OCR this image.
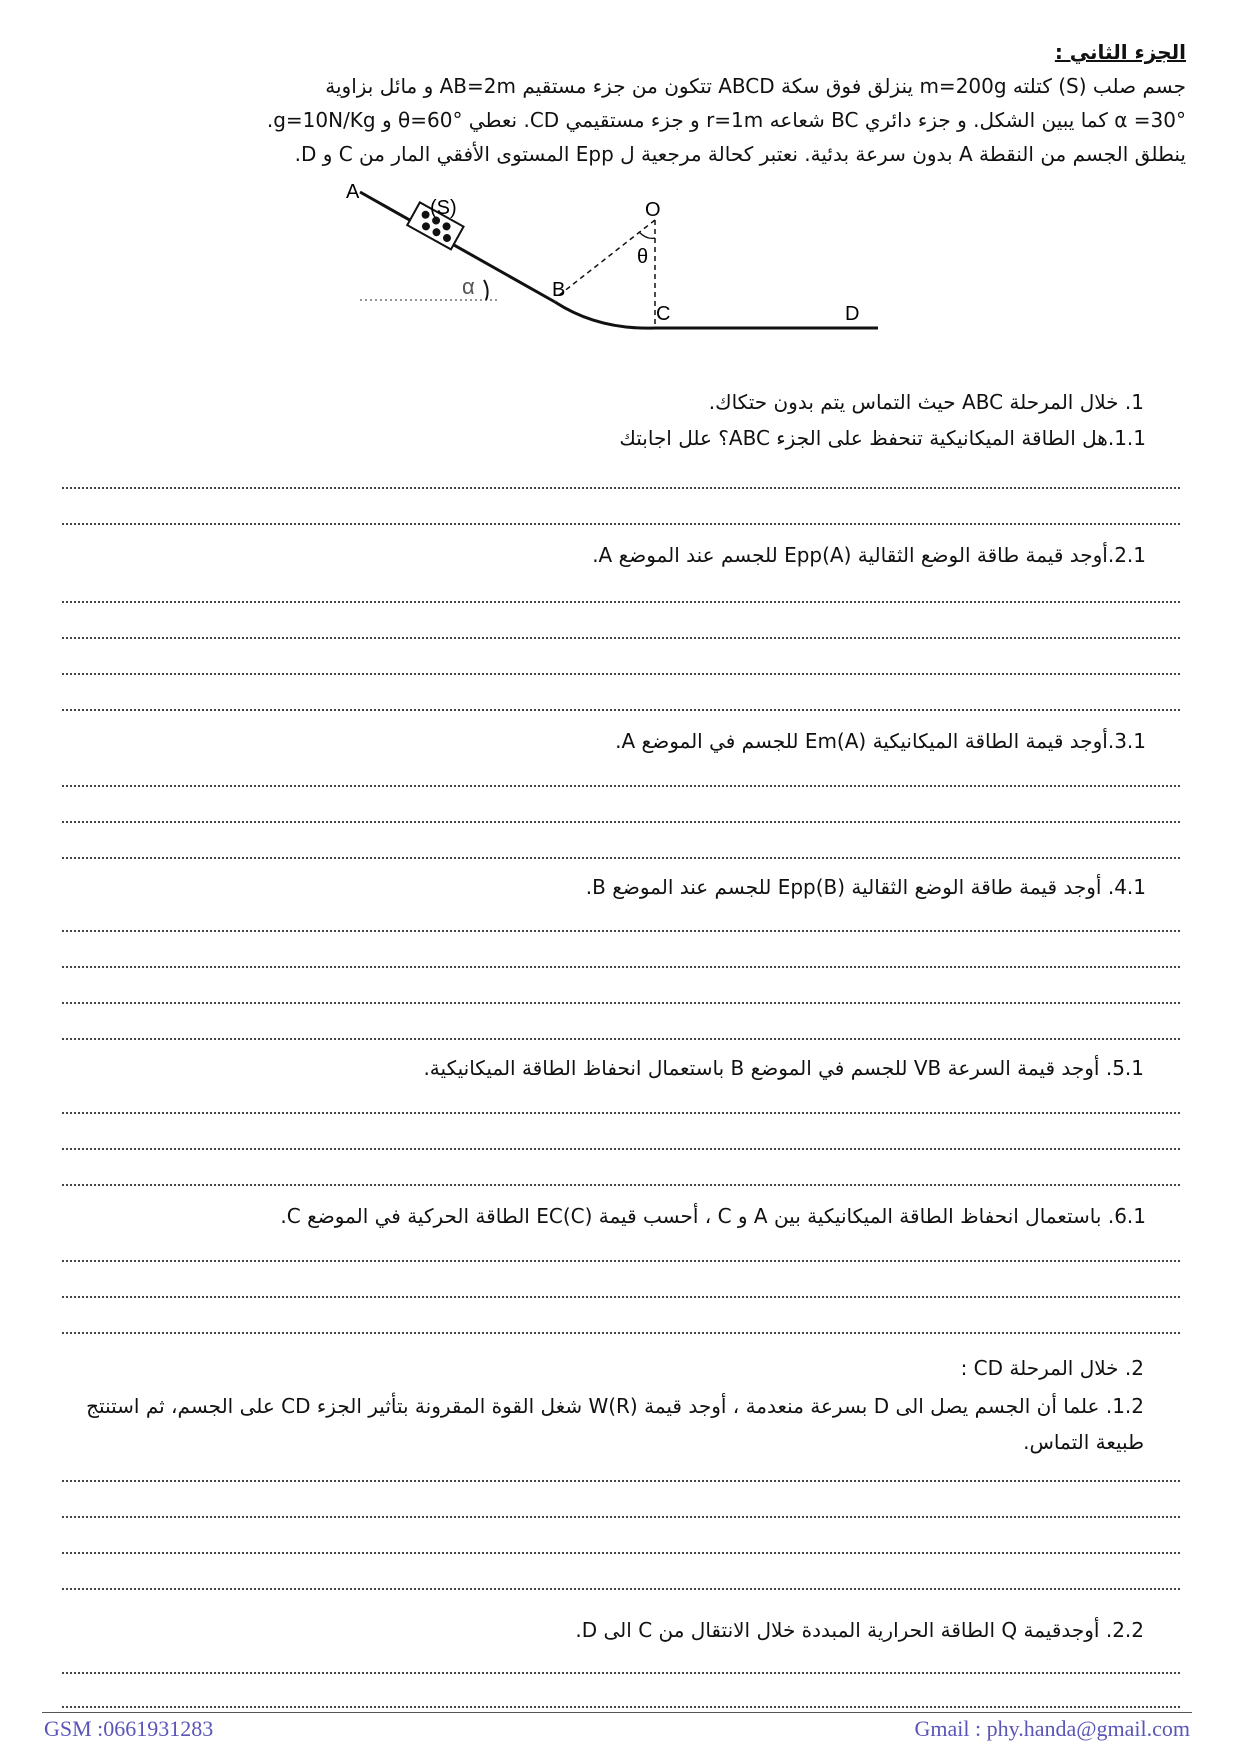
الجزء الثاني :
جسم صلب (S) كتلته m=200g ينزلق فوق سكة ABCD تتكون من جزء مستقيم AB=2m و مائل بزاوية
α =30° كما يبين الشكل. و جزء دائري BC شعاعه r=1m و جزء مستقيمي CD. نعطي θ=60° و g=10N/Kg.
ينطلق الجسم من النقطة A بدون سرعة بدئية. نعتبر كحالة مرجعية ل Epp المستوى الأفقي المار من C و D.
A
(S)	O
θ
α	B
C	D
1. خلال المرحلة ABC حيث التماس يتم بدون حتكاك.
1.1.هل الطاقة الميكانيكية تنحفظ على الجزء ABC؟ علل اجابتك
2.1.أوجد قيمة طاقة الوضع الثقالية Epp(A) للجسم عند الموضع A.
3.1.أوجد قيمة الطاقة الميكانيكية Em(A) للجسم في الموضع A.
4.1. أوجد قيمة طاقة الوضع الثقالية Epp(B) للجسم عند الموضع B.
5.1. أوجد قيمة السرعة VB للجسم في الموضع B باستعمال انحفاظ الطاقة الميكانيكية.
6.1. باستعمال انحفاظ الطاقة الميكانيكية بين A و C ، أحسب قيمة EC(C) الطاقة الحركية في الموضع C.
2. خلال المرحلة CD :
1.2. علما أن الجسم يصل الى D بسرعة منعدمة ، أوجد قيمة W(R) شغل القوة المقرونة بتأثير الجزء CD على الجسم، ثم استنتج طبيعة التماس.
2.2. أوجدقيمة Q الطاقة الحرارية المبددة خلال الانتقال من C الى D.
GSM :0661931283	Gmail : phy.handa@gmail.com
